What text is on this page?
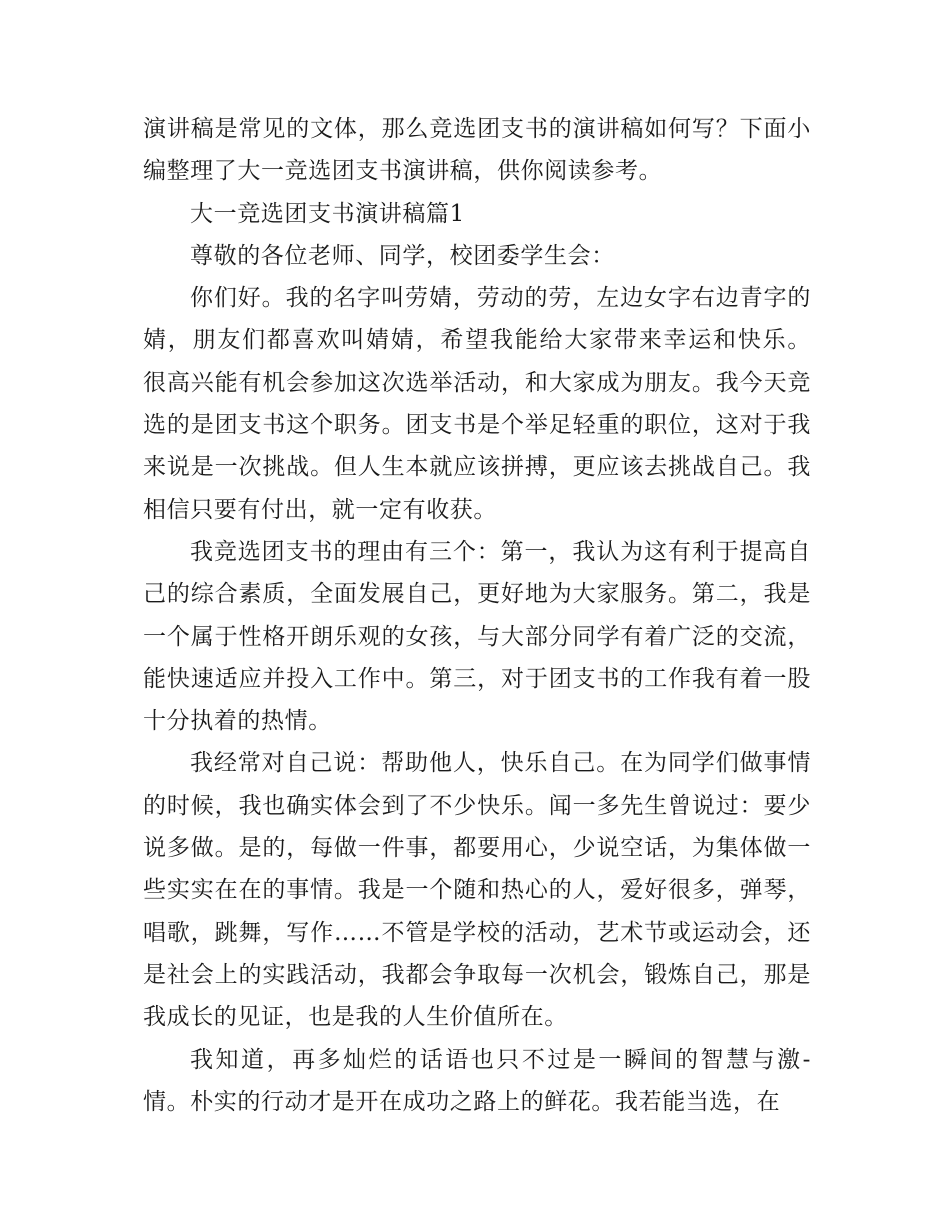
演讲稿是常见的文体，那么竞选团支书的演讲稿如何写？下面小编整理了大一竞选团支书演讲稿，供你阅读参考。

大一竞选团支书演讲稿篇1

尊敬的各位老师、同学，校团委学生会：

你们好。我的名字叫劳婧，劳动的劳，左边女字右边青字的婧，朋友们都喜欢叫婧婧，希望我能给大家带来幸运和快乐。 很高兴能有机会参加这次选举活动，和大家成为朋友。我今天竞选的是团支书这个职务。团支书是个举足轻重的职位，这对于我来说是一次挑战。但人生本就应该拼搏，更应该去挑战自己。我相信只要有付出，就一定有收获。

我竞选团支书的理由有三个：第一，我认为这有利于提高自己的综合素质，全面发展自己，更好地为大家服务。第二，我是一个属于性格开朗乐观的女孩，与大部分同学有着广泛的交流，能快速适应并投入工作中。第三，对于团支书的工作我有着一股十分执着的热情。

我经常对自己说：帮助他人，快乐自己。在为同学们做事情的时候，我也确实体会到了不少快乐。闻一多先生曾说过：要少说多做。是的，每做一件事，都要用心，少说空话，为集体做一些实实在在的事情。我是一个随和热心的人，爱好很多，弹琴，唱歌，跳舞，写作……不管是学校的活动，艺术节或运动会，还是社会上的实践活动，我都会争取每一次机会，锻炼自己，那是我成长的见证，也是我的人生价值所在。

我知道，再多灿烂的话语也只不过是一瞬间的智慧与激-情。朴实的行动才是开在成功之路上的鲜花。我若能当选，在
